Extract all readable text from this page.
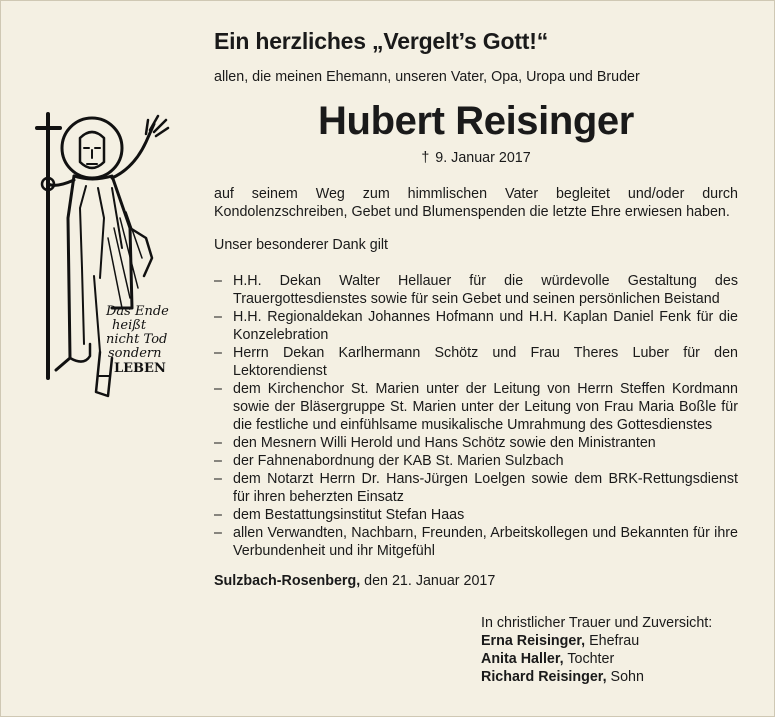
Das Ende
heißt
nicht Tod
sondern
LEBEN
Ein herzliches „Vergelt’s Gott!“
allen, die meinen Ehemann, unseren Vater, Opa, Uropa und Bruder
Hubert Reisinger
† 9. Januar 2017
auf seinem Weg zum himmlischen Vater begleitet und/oder durch Kondolenzschreiben, Gebet und Blumenspenden die letzte Ehre erwiesen haben.
Unser besonderer Dank gilt
– H.H. Dekan Walter Hellauer für die würdevolle Gestaltung des Trauergottesdienstes sowie für sein Gebet und seinen persönlichen Beistand
– H.H. Regionaldekan Johannes Hofmann und H.H. Kaplan Daniel Fenk für die Konzelebration
– Herrn Dekan Karlhermann Schötz und Frau Theres Luber für den Lektorendienst
– dem Kirchenchor St. Marien unter der Leitung von Herrn Steffen Kordmann sowie der Bläsergruppe St. Marien unter der Leitung von Frau Maria Boßle für die festliche und einfühlsame musikalische Umrahmung des Gottesdienstes
– den Mesnern Willi Herold und Hans Schötz sowie den Ministranten
– der Fahnenabordnung der KAB St. Marien Sulzbach
– dem Notarzt Herrn Dr. Hans-Jürgen Loelgen sowie dem BRK-Rettungsdienst für ihren beherzten Einsatz
– dem Bestattungsinstitut Stefan Haas
– allen Verwandten, Nachbarn, Freunden, Arbeitskollegen und Bekannten für ihre Verbundenheit und ihr Mitgefühl
Sulzbach-Rosenberg, den 21. Januar 2017
In christlicher Trauer und Zuversicht:
Erna Reisinger, Ehefrau
Anita Haller, Tochter
Richard Reisinger, Sohn
